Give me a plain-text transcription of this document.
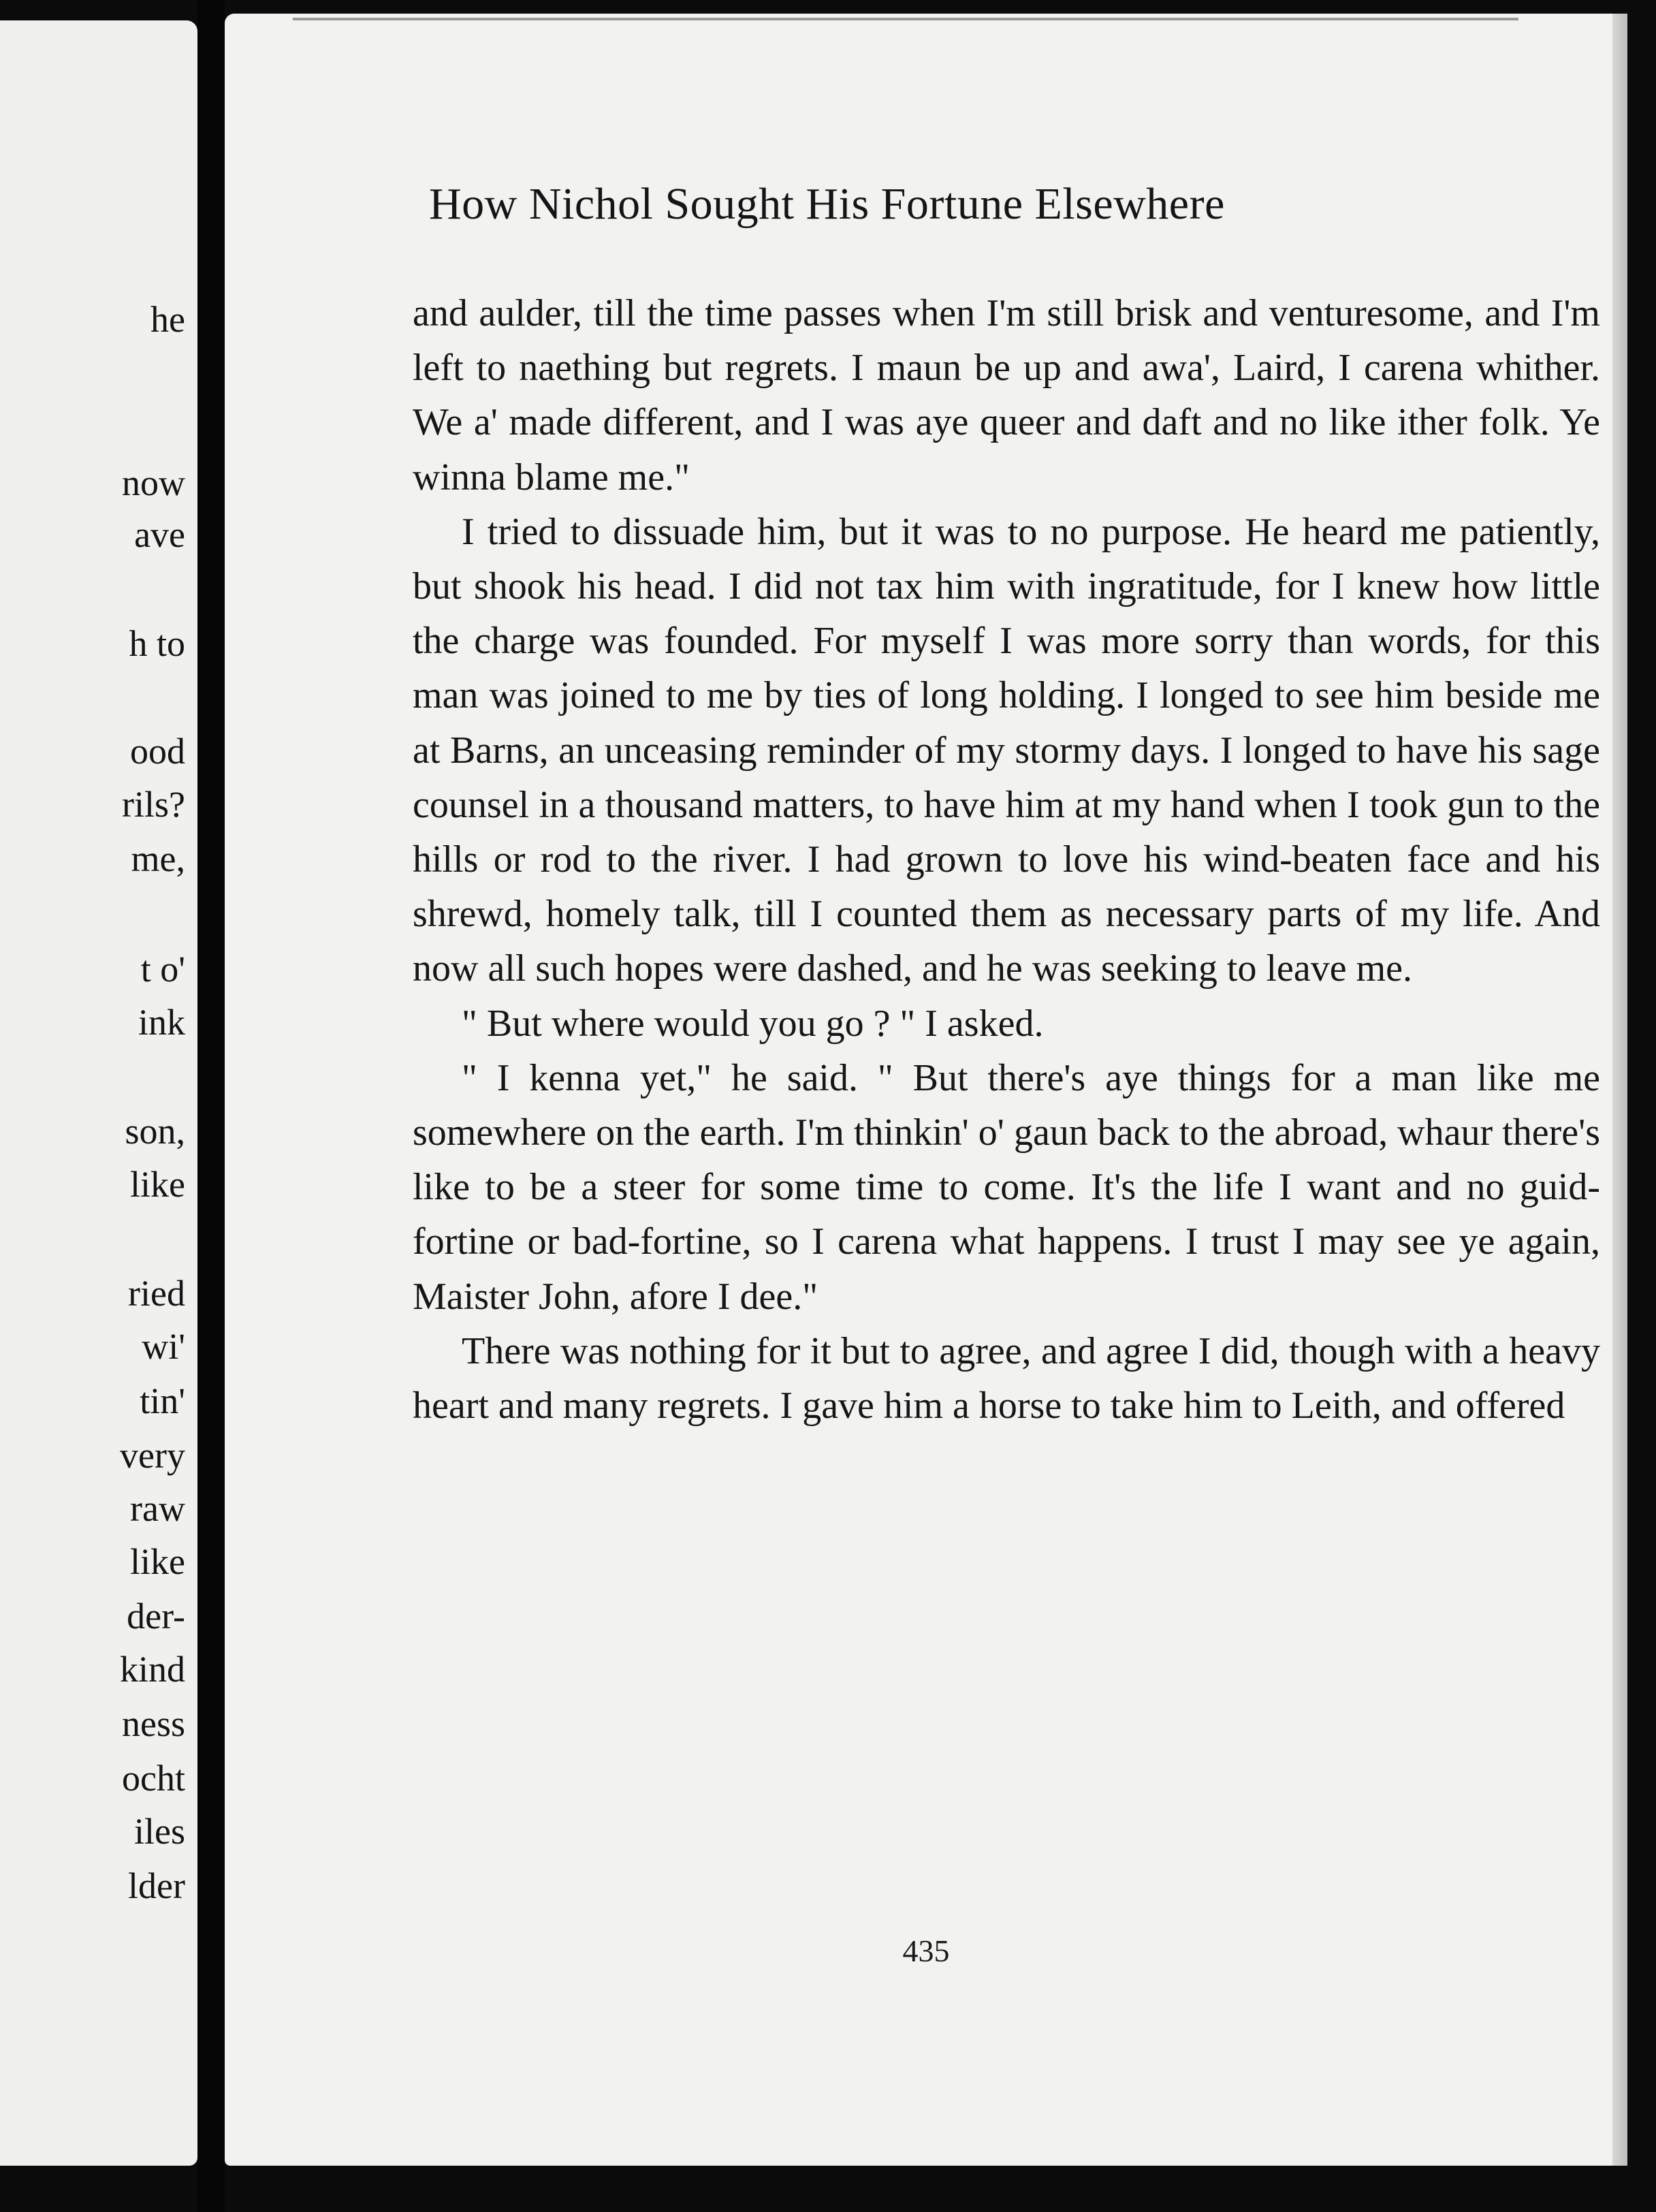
he
now
ave
h to
ood
rils?
me,
t o'
ink
son,
like
ried
wi'
tin'
very
raw
like
der-
kind
ness
ocht
iles
lder
How Nichol Sought His Fortune Elsewhere

and aulder, till the time passes when I'm still brisk and venturesome, and I'm left to naething but regrets. I maun be up and awa', Laird, I carena whither. We a' made different, and I was aye queer and daft and no like ither folk. Ye winna blame me."

I tried to dissuade him, but it was to no purpose. He heard me patiently, but shook his head. I did not tax him with ingratitude, for I knew how little the charge was founded. For myself I was more sorry than words, for this man was joined to me by ties of long holding. I longed to see him beside me at Barns, an unceasing reminder of my stormy days. I longed to have his sage counsel in a thousand matters, to have him at my hand when I took gun to the hills or rod to the river. I had grown to love his wind-beaten face and his shrewd, homely talk, till I counted them as necessary parts of my life. And now all such hopes were dashed, and he was seeking to leave me.

" But where would you go ? " I asked.

" I kenna yet," he said. " But there's aye things for a man like me somewhere on the earth. I'm thinkin' o' gaun back to the abroad, whaur there's like to be a steer for some time to come. It's the life I want and no guid-fortine or bad-fortine, so I carena what happens. I trust I may see ye again, Maister John, afore I dee."

There was nothing for it but to agree, and agree I did, though with a heavy heart and many regrets. I gave him a horse to take him to Leith, and offered

435
